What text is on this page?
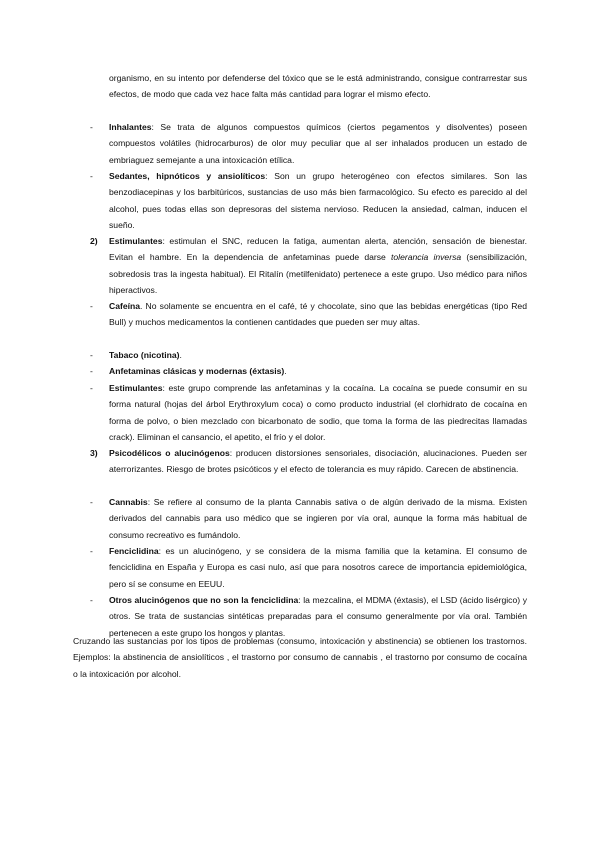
organismo, en su intento por defenderse del tóxico que se le está administrando, consigue contrarrestar sus efectos, de modo que cada vez hace falta más cantidad para lograr el mismo efecto.

- Inhalantes: Se trata de algunos compuestos químicos (ciertos pegamentos y disolventes) poseen compuestos volátiles (hidrocarburos) de olor muy peculiar que al ser inhalados producen un estado de embriaguez semejante a una intoxicación etílica.

- Sedantes, hipnóticos y ansiolíticos: Son un grupo heterogéneo con efectos similares. Son las benzodiacepinas y los barbitúricos, sustancias de uso más bien farmacológico. Su efecto es parecido al del alcohol, pues todas ellas son depresoras del sistema nervioso. Reducen la ansiedad, calman, inducen el sueño.

2) Estimulantes: estimulan el SNC, reducen la fatiga, aumentan alerta, atención, sensación de bienestar. Evitan el hambre. En la dependencia de anfetaminas puede darse tolerancia inversa (sensibilización, sobredosis tras la ingesta habitual). El Ritalín (metilfenidato) pertenece a este grupo. Uso médico para niños hiperactivos.

- Cafeína. No solamente se encuentra en el café, té y chocolate, sino que las bebidas energéticas (tipo Red Bull) y muchos medicamentos la contienen cantidades que pueden ser muy altas.

- Tabaco (nicotina).

- Anfetaminas clásicas y modernas (éxtasis).

- Estimulantes: este grupo comprende las anfetaminas y la cocaína. La cocaína se puede consumir en su forma natural (hojas del árbol Erythroxylum coca) o como producto industrial (el clorhidrato de cocaína en forma de polvo, o bien mezclado con bicarbonato de sodio, que toma la forma de las piedrecitas llamadas crack). Eliminan el cansancio, el apetito, el frío y el dolor.

3) Psicodélicos o alucinógenos: producen distorsiones sensoriales, disociación, alucinaciones. Pueden ser aterrorizantes. Riesgo de brotes psicóticos y el efecto de tolerancia es muy rápido. Carecen de abstinencia.

- Cannabis: Se refiere al consumo de la planta Cannabis sativa o de algún derivado de la misma. Existen derivados del cannabis para uso médico que se ingieren por vía oral, aunque la forma más habitual de consumo recreativo es fumándolo.

- Fenciclidina: es un alucinógeno, y se considera de la misma familia que la ketamina. El consumo de fenciclidina en España y Europa es casi nulo, así que para nosotros carece de importancia epidemiológica, pero sí se consume en EEUU.

- Otros alucinógenos que no son la fenciclidina: la mezcalina, el MDMA (éxtasis), el LSD (ácido lisérgico) y otros. Se trata de sustancias sintéticas preparadas para el consumo generalmente por vía oral. También pertenecen a este grupo los hongos y plantas.

Cruzando las sustancias por los tipos de problemas (consumo, intoxicación y abstinencia) se obtienen los trastornos. Ejemplos: la abstinencia de ansiolíticos , el trastorno por consumo de cannabis , el trastorno por consumo de cocaína o la intoxicación por alcohol.
